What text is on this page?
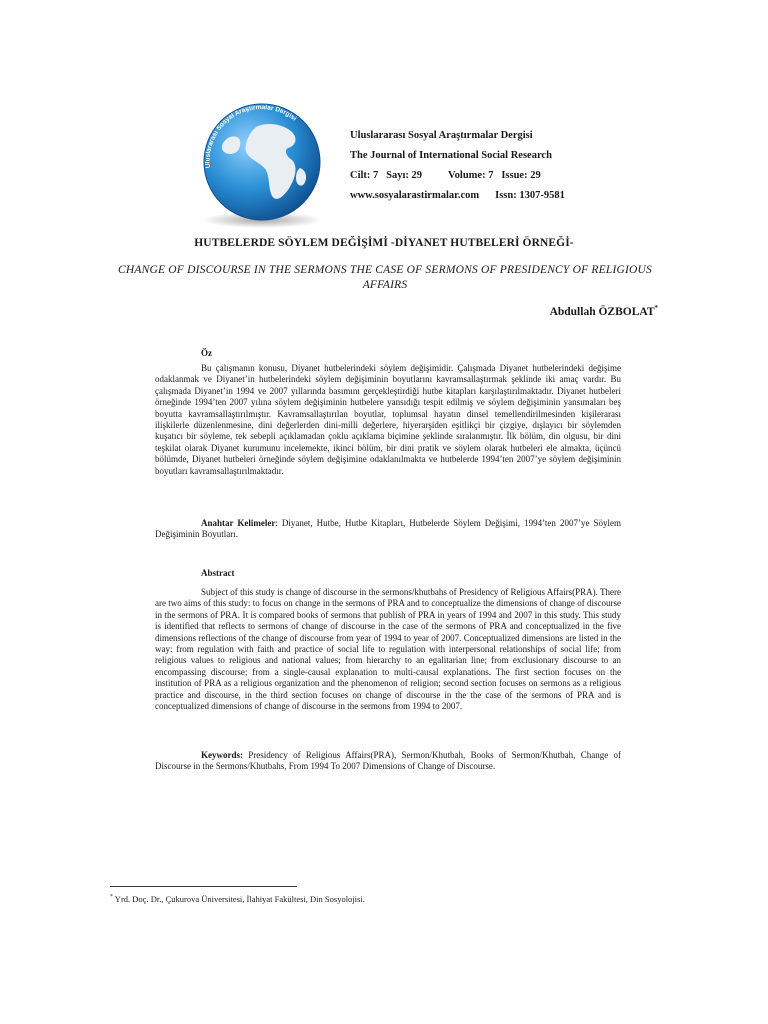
Uluslararası Sosyal Araştırmalar Dergisi
Uluslararası Sosyal Araştırmalar Dergisi
The Journal of International Social Research
Cilt: 7   Sayı: 29 Volume: 7   Issue: 29
www.sosyalarastirmalar.com Issn: 1307-9581
HUTBELERDE SÖYLEM DEĞİŞİMİ -DİYANET HUTBELERİ ÖRNEĞİ-
CHANGE OF DISCOURSE IN THE SERMONS THE CASE OF SERMONS OF PRESIDENCY OF RELIGIOUS AFFAIRS
Abdullah ÖZBOLAT*
Öz

Bu çalışmanın konusu, Diyanet hutbelerindeki söylem değişimidir. Çalışmada Diyanet hutbelerindeki değişime odaklanmak ve Diyanet’in hutbelerindeki söylem değişiminin boyutlarını kavramsallaştırmak şeklinde iki amaç vardır. Bu çalışmada Diyanet’in 1994 ve 2007 yıllarında basımını gerçekleştirdiği hutbe kitapları karşılaştırılmaktadır. Diyanet hutbeleri örneğinde 1994’ten 2007 yılına söylem değişiminin hutbelere yansıdığı tespit edilmiş ve söylem değişiminin yansımaları beş boyutta kavramsallaştırılmıştır. Kavramsallaştırılan boyutlar, toplumsal hayatın dinsel temellendirilmesinden kişilerarası ilişkilerle düzenlenmesine, dini değerlerden dini-milli değerlere, hiyerarşiden eşitlikçi bir çizgiye, dışlayıcı bir söylemden kuşatıcı bir söyleme, tek sebepli açıklamadan çoklu açıklama biçimine şeklinde sıralanmıştır. İlk bölüm, din olgusu, bir dini teşkilat olarak Diyanet kurumunu incelemekte, ikinci bölüm, bir dini pratik ve söylem olarak hutbeleri ele almakta, üçüncü bölümde, Diyanet hutbeleri örneğinde söylem değişimine odaklanılmakta ve hutbelerde 1994’ten 2007’ye söylem değişiminin boyutları kavramsallaştırılmaktadır.

Anahtar Kelimeler: Diyanet, Hutbe, Hutbe Kitapları, Hutbelerde Söylem Değişimi, 1994’ten 2007’ye Söylem Değişiminin Boyutları.

Abstract

Subject of this study is change of discourse in the sermons/khutbahs of Presidency of Religious Affairs(PRA). There are two aims of this study: to focus on change in the sermons of PRA and to conceptualize the dimensions of change of discourse in the sermons of PRA. It is compared books of sermons that publish of PRA in years of 1994 and 2007 in this study. This study is identified that reflects to sermons of change of discourse in the case of the sermons of PRA and conceptualized in the five dimensions reflections of the change of discourse from year of 1994 to year of 2007. Conceptualized dimensions are listed in the way: from regulation with faith and practice of social life to regulation with interpersonal relationships of social life; from religious values to religious and national values; from hierarchy to an egalitarian line; from exclusionary discourse to an encompassing discourse; from a single-causal explanation to multi-causal explanations. The first section focuses on the institution of PRA as a religious organization and the phenomenon of religion; second section focuses on sermons as a religious practice and discourse, in the third section focuses on change of discourse in the the case of the sermons of PRA and is conceptualized dimensions of change of discourse in the sermons from 1994 to 2007.

Keywords: Presidency of Religious Affairs(PRA), Sermon/Khutbah, Books of Sermon/Khutbah, Change of Discourse in the Sermons/Khutbahs, From 1994 To 2007 Dimensions of Change of Discourse.

* Yrd. Doç. Dr., Çukurova Üniversitesi, İlahiyat Fakültesi, Din Sosyolojisi.
